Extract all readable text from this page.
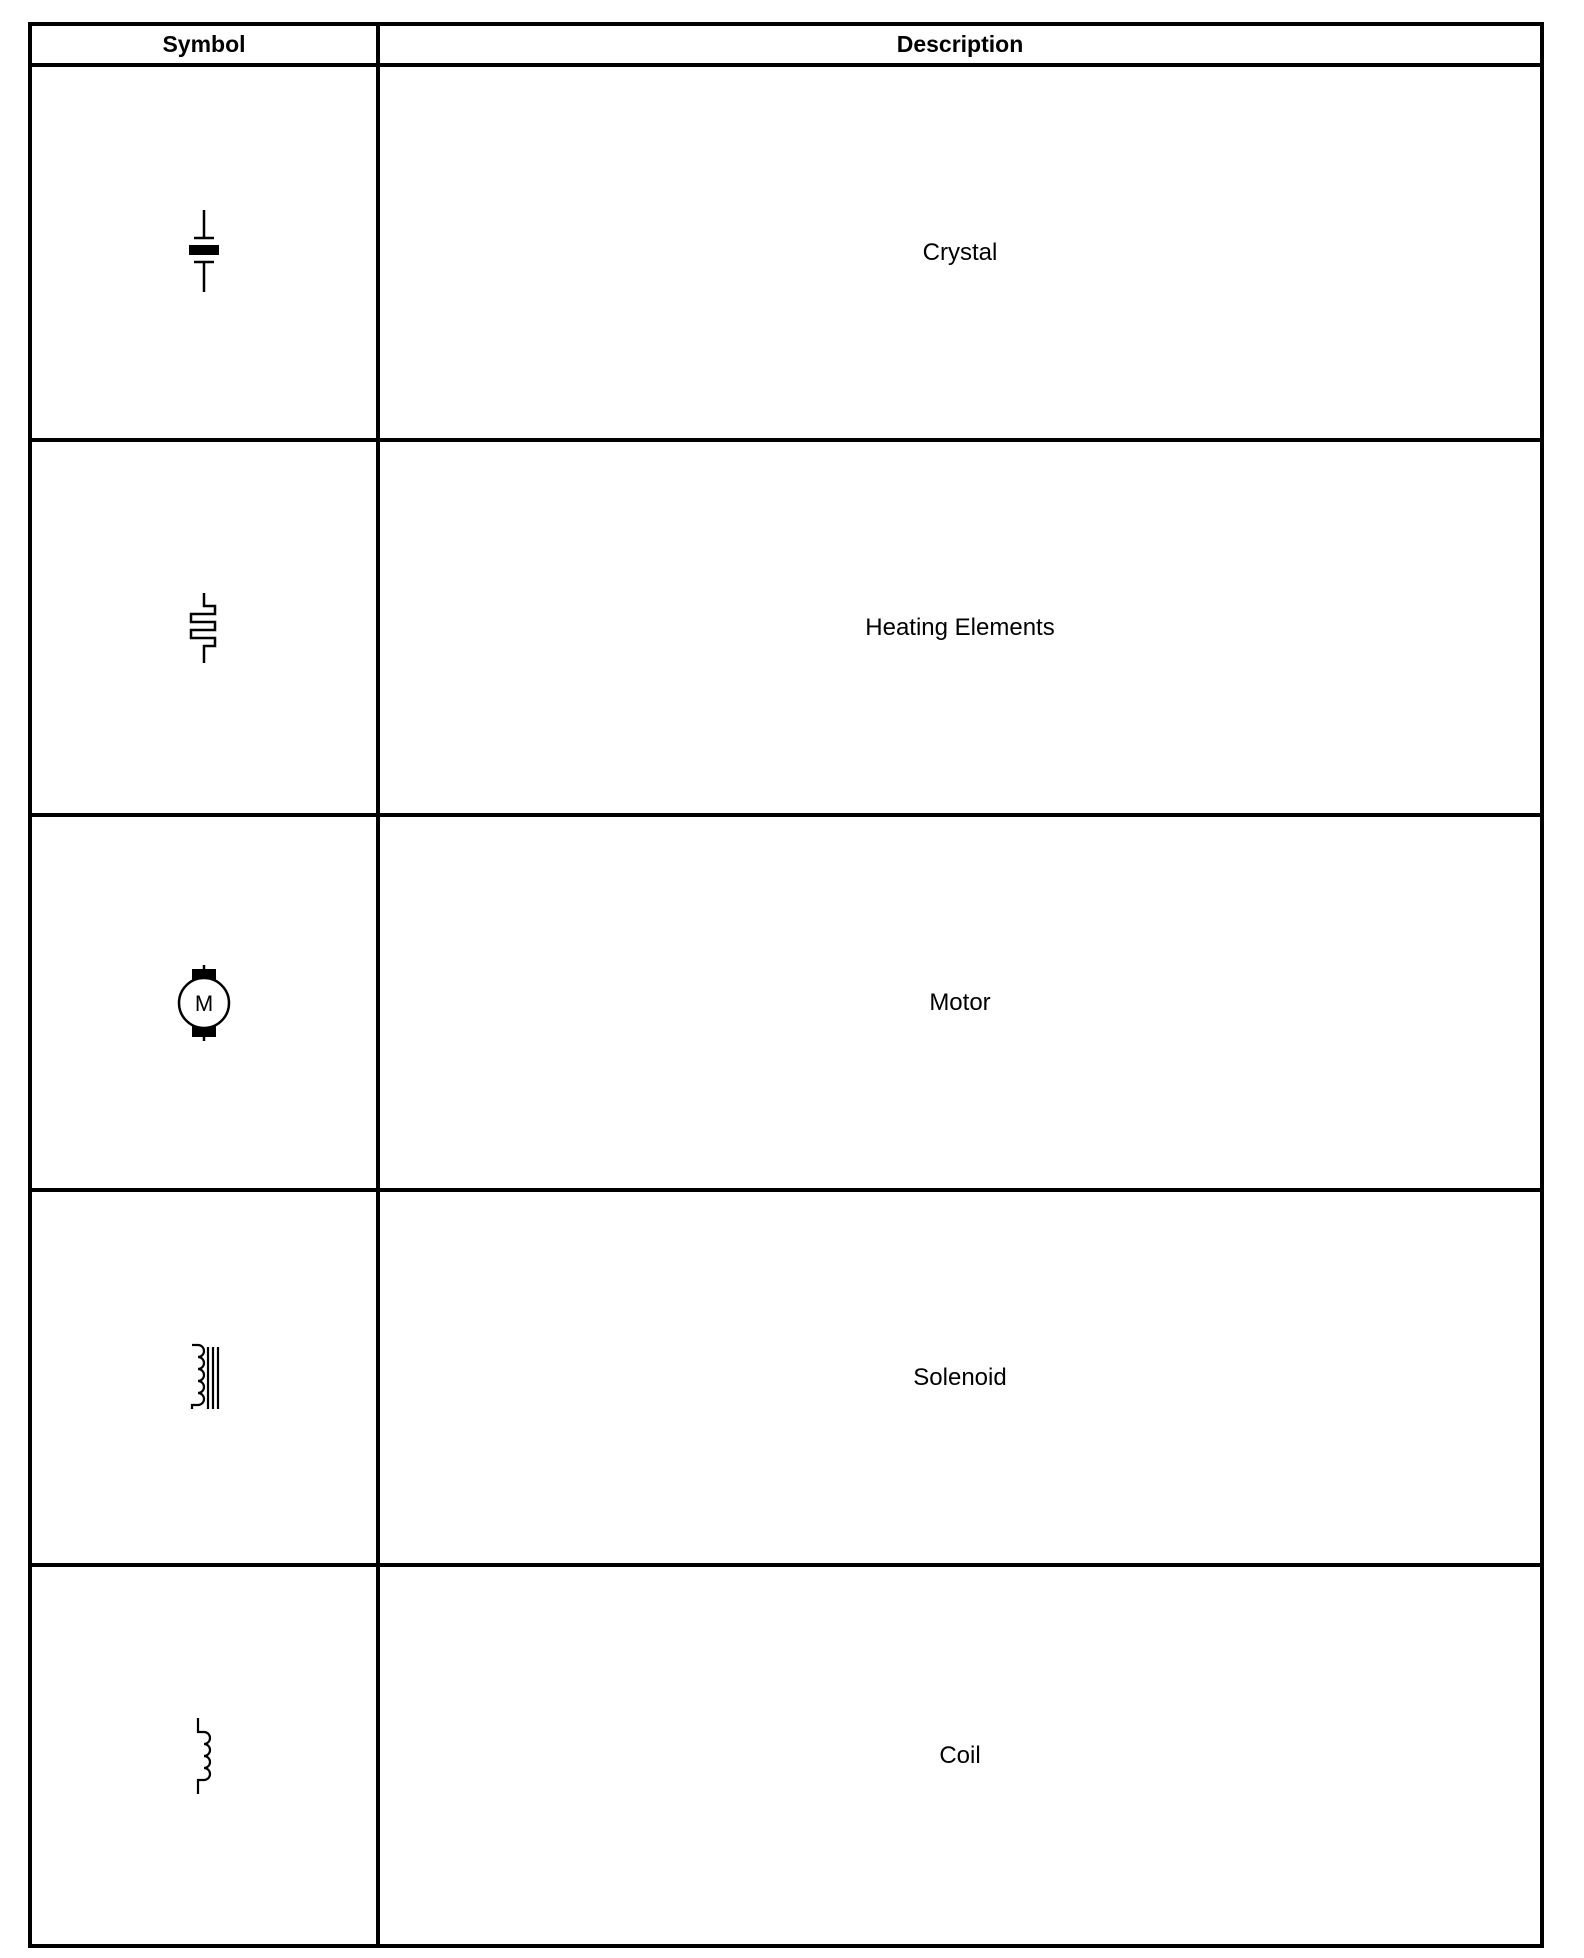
Symbol	Description
Crystal
Heating Elements
M	Motor
Solenoid
Coil
